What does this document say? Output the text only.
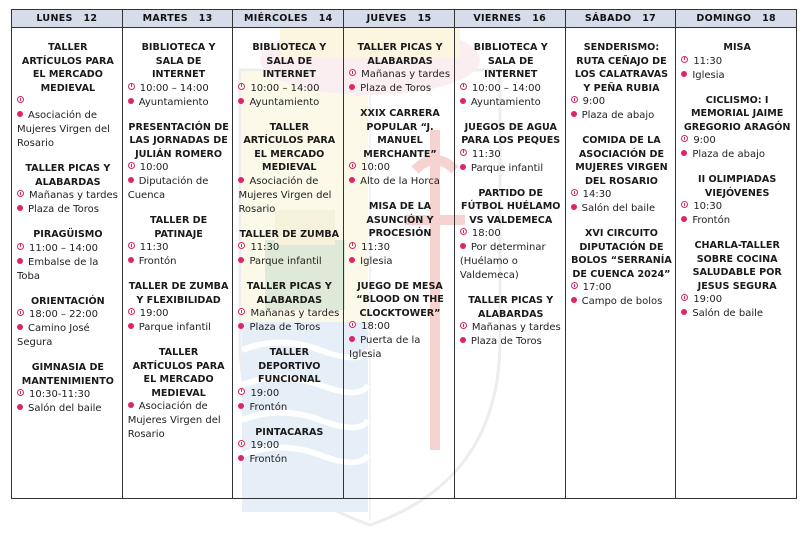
LUNES 12
TALLER ARTÍCULOS PARA EL MERCADO MEDIEVAL
Asociación de Mujeres Virgen del Rosario
TALLER PICAS Y ALABARDAS
Mañanas y tardes
Plaza de Toros
PIRAGÜISMO
11:00 – 14:00
Embalse de la Toba
ORIENTACIÓN
18:00 – 22:00
Camino José Segura
GIMNASIA DE MANTENIMIENTO
10:30-11:30
Salón del baile
MARTES 13
BIBLIOTECA Y SALA DE INTERNET
10:00 – 14:00
Ayuntamiento
PRESENTACIÓN DE LAS JORNADAS DE JULIÁN ROMERO
10:00
Diputación de Cuenca
TALLER DE PATINAJE
11:30
Frontón
TALLER DE ZUMBA Y FLEXIBILIDAD
19:00
Parque infantil
TALLER ARTÍCULOS PARA EL MERCADO MEDIEVAL
Asociación de Mujeres Virgen del Rosario
MIÉRCOLES 14
BIBLIOTECA Y SALA DE INTERNET
10:00 – 14:00
Ayuntamiento
TALLER ARTÍCULOS PARA EL MERCADO MEDIEVAL
Asociación de Mujeres Virgen del Rosario
TALLER DE ZUMBA
11:30
Parque infantil
TALLER PICAS Y ALABARDAS
Mañanas y tardes
Plaza de Toros
TALLER DEPORTIVO FUNCIONAL
19:00
Frontón
PINTACARAS
19:00
Frontón
JUEVES 15
TALLER PICAS Y ALABARDAS
Mañanas y tardes
Plaza de Toros
XXIX CARRERA POPULAR “J. MANUEL MERCHANTE”
10:00
Alto de la Horca
MISA DE LA ASUNCIÓN Y PROCESIÓN
11:30
Iglesia
JUEGO DE MESA “BLOOD ON THE CLOCKTOWER”
18:00
Puerta de la Iglesia
VIERNES 16
BIBLIOTECA Y SALA DE INTERNET
10:00 – 14:00
Ayuntamiento
JUEGOS DE AGUA PARA LOS PEQUES
11:30
Parque infantil
PARTIDO DE FÚTBOL HUÉLAMO VS VALDEMECA
18:00
Por determinar (Huélamo o Valdemeca)
TALLER PICAS Y ALABARDAS
Mañanas y tardes
Plaza de Toros
SÁBADO 17
SENDERISMO: RUTA CEÑAJO DE LOS CALATRAVAS Y PEÑA RUBIA
9:00
Plaza de abajo
COMIDA DE LA ASOCIACIÓN DE MUJERES VIRGEN DEL ROSARIO
14:30
Salón del baile
XVI CIRCUITO DIPUTACIÓN DE BOLOS “SERRANÍA DE CUENCA 2024”
17:00
Campo de bolos
DOMINGO 18
MISA
11:30
Iglesia
CICLISMO: I MEMORIAL JAIME GREGORIO ARAGÓN
9:00
Plaza de abajo
II OLIMPIADAS VIEJÓVENES
10:30
Frontón
CHARLA-TALLER SOBRE COCINA SALUDABLE POR JESUS SEGURA
19:00
Salón de baile
